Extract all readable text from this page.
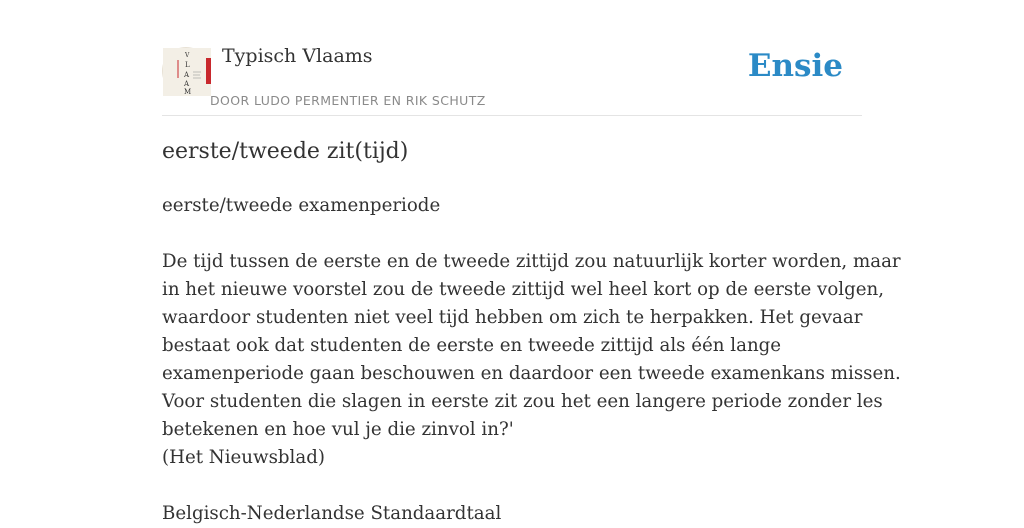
V
L
A
A
M
Typisch Vlaams
DOOR LUDO PERMENTIER EN RIK SCHUTZ
Ensie
eerste/tweede zit(tijd)

eerste/tweede examenperiode

De tijd tussen de eerste en de tweede zittijd zou natuurlijk korter worden, maar

in het nieuwe voorstel zou de tweede zittijd wel heel kort op de eerste volgen,

waardoor studenten niet veel tijd hebben om zich te herpakken. Het gevaar

bestaat ook dat studenten de eerste en tweede zittijd als één lange

examenperiode gaan beschouwen en daardoor een tweede examenkans missen.

Voor studenten die slagen in eerste zit zou het een langere periode zonder les

betekenen en hoe vul je die zinvol in?'

(Het Nieuwsblad)

Belgisch-Nederlandse Standaardtaal
